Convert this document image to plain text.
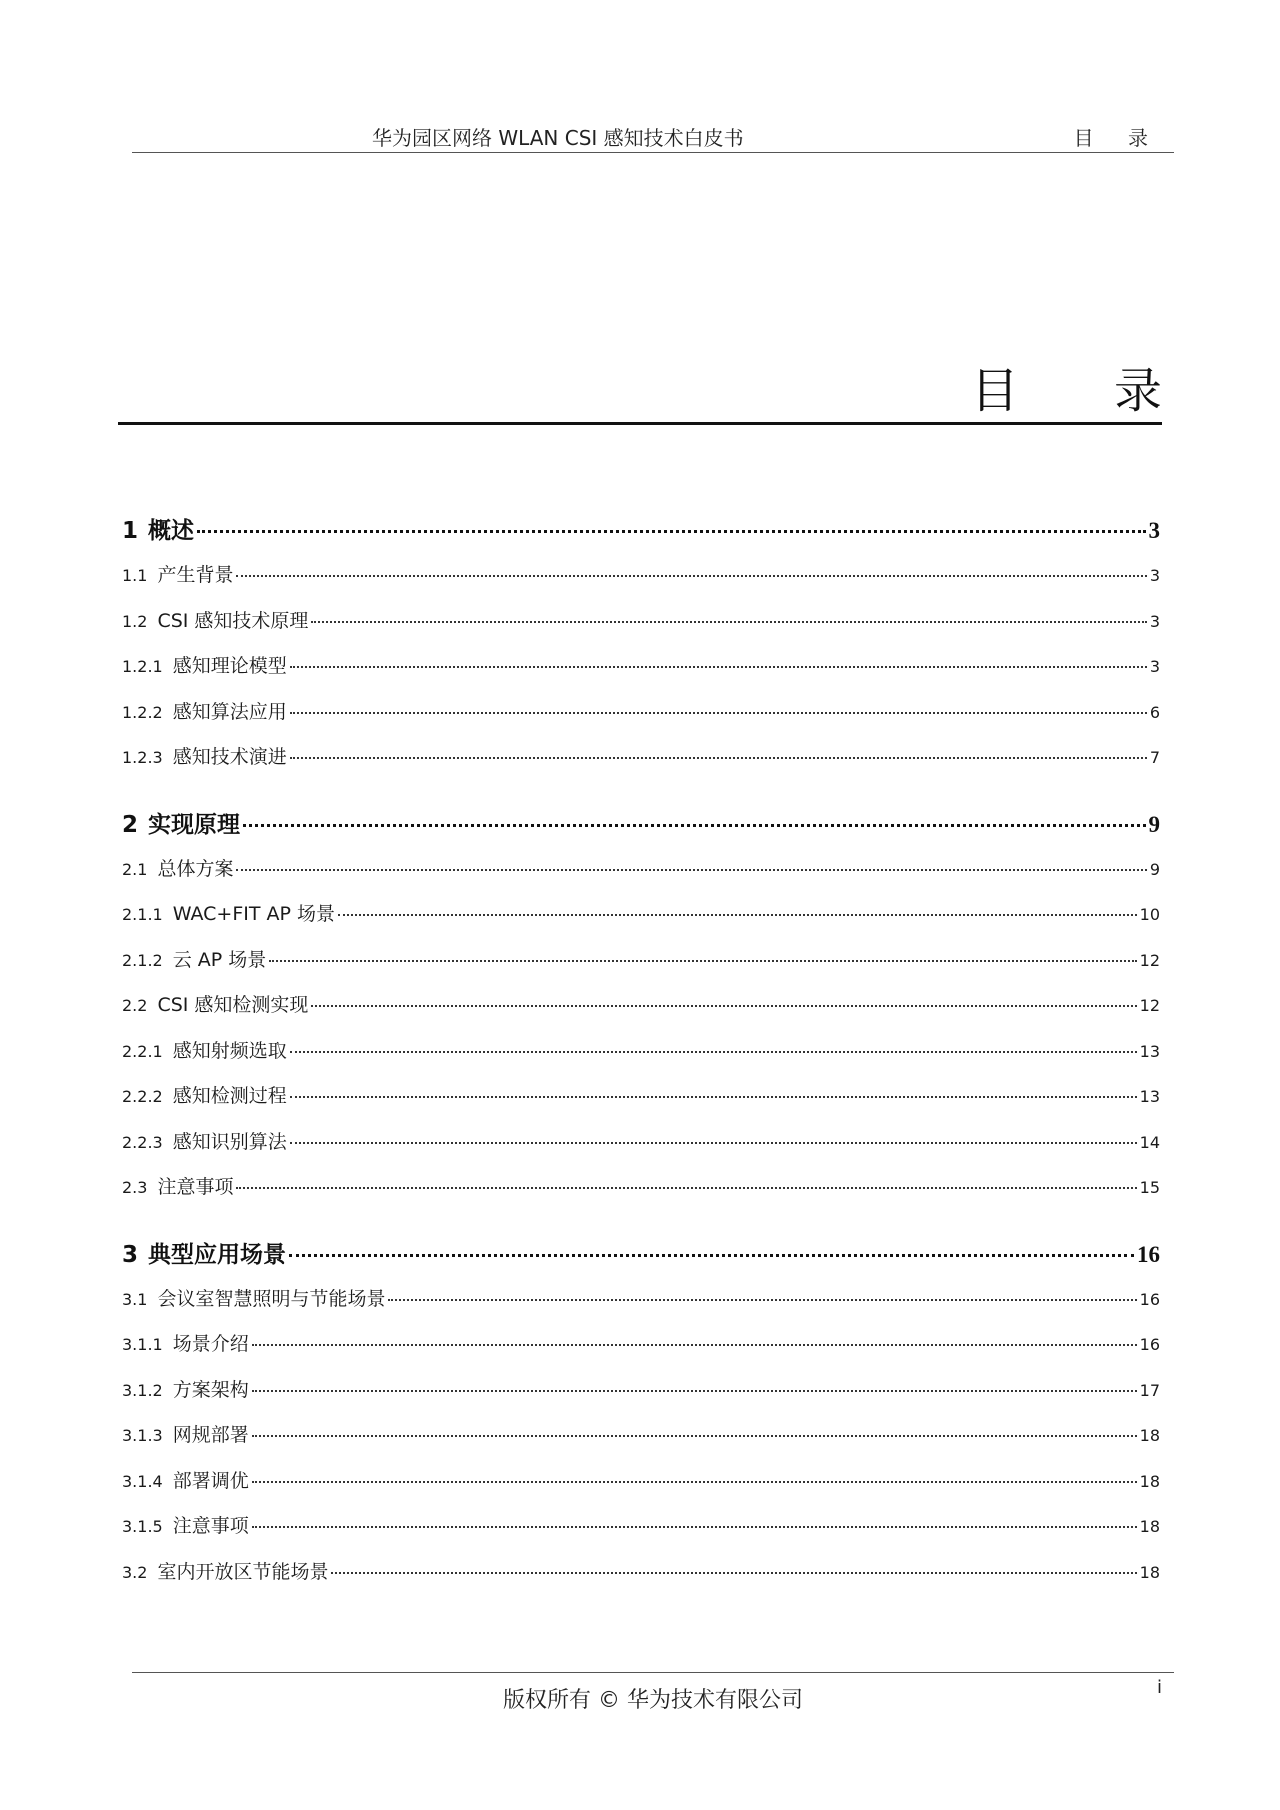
华为园区网络 WLAN CSI 感知技术白皮书	目 录
目 录
1 概述	3
1.1 产生背景	3
1.2 CSI 感知技术原理	3
1.2.1 感知理论模型	3
1.2.2 感知算法应用	6
1.2.3 感知技术演进	7
2 实现原理	9
2.1 总体方案	9
2.1.1 WAC+FIT AP 场景	10
2.1.2 云 AP 场景	12
2.2 CSI 感知检测实现	12
2.2.1 感知射频选取	13
2.2.2 感知检测过程	13
2.2.3 感知识别算法	14
2.3 注意事项	15
3 典型应用场景	16
3.1 会议室智慧照明与节能场景	16
3.1.1 场景介绍	16
3.1.2 方案架构	17
3.1.3 网规部署	18
3.1.4 部署调优	18
3.1.5 注意事项	18
3.2 室内开放区节能场景	18
版权所有 © 华为技术有限公司
i
